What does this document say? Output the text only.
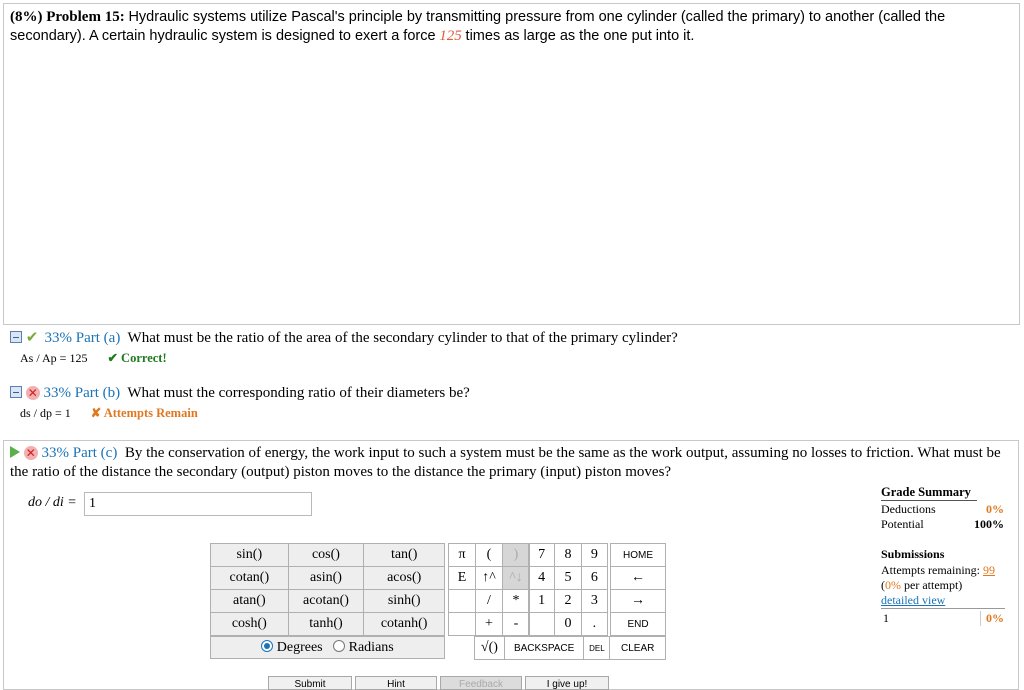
(8%) Problem 15: Hydraulic systems utilize Pascal's principle by transmitting pressure from one cylinder (called the primary) to another (called the secondary). A certain hydraulic system is designed to exert a force 125 times as large as the one put into it.
✔ 33% Part (a) What must be the ratio of the area of the secondary cylinder to that of the primary cylinder?
As / Ap = 125 ✔ Correct!
✕ 33% Part (b) What must the corresponding ratio of their diameters be?
ds / dp = 1 ✘ Attempts Remain
✕ 33% Part (c) By the conservation of energy, the work input to such a system must be the same as the work output, assuming no losses to friction. What must be the ratio of the distance the secondary (output) piston moves to the distance the primary (input) piston moves?
do / di =
1
sin()	cos()	tan()
cotan()	asin()	acos()
atan()	acotan()	sinh()
cosh()	tanh()	cotanh()
Degrees Radians
π	(	)
E	↑^	^↓
	/	*
	+	-
7	8	9
4	5	6
1	2	3
	0	.
HOME
←
→
END
√()	BACKSPACE	DEL	CLEAR
Submit	Hint	Feedback	I give up!
Grade Summary
Deductions	0%
Potential	100%
Submissions
Attempts remaining: 99
(0% per attempt)
detailed view
1	0%
